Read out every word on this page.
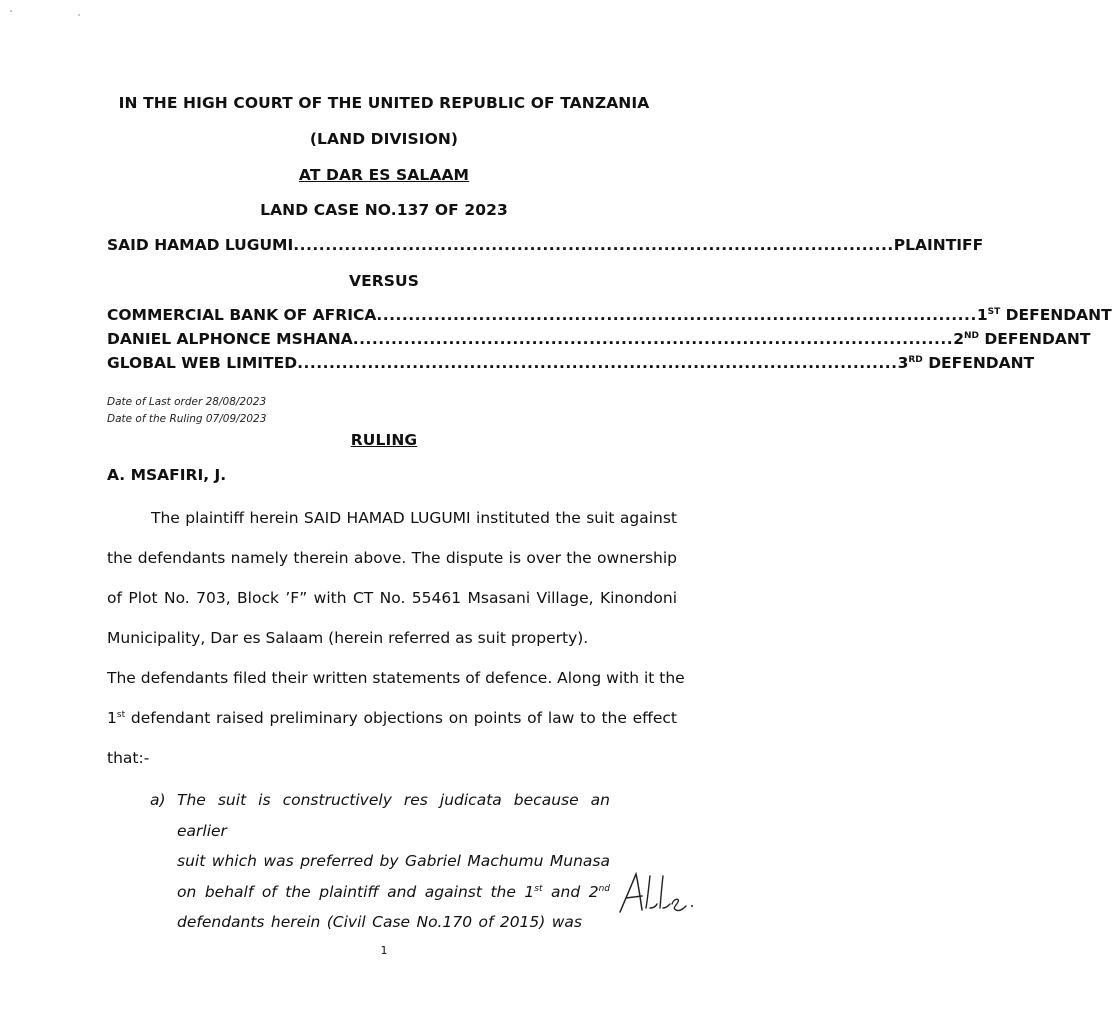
IN THE HIGH COURT OF THE UNITED REPUBLIC OF TANZANIA
(LAND DIVISION)
AT DAR ES SALAAM
LAND CASE NO.137 OF 2023
SAID HAMAD LUGUMI .............................................................................................. PLAINTIFF
VERSUS
COMMERCIAL BANK OF AFRICA .............................................................................................. 1ST DEFENDANT
DANIEL ALPHONCE MSHANA .............................................................................................. 2ND DEFENDANT
GLOBAL WEB LIMITED .............................................................................................. 3RD DEFENDANT
Date of Last order 28/08/2023
Date of the Ruling 07/09/2023
RULING
A. MSAFIRI, J.
The plaintiff herein SAID HAMAD LUGUMI instituted the suit against
the defendants namely therein above. The dispute is over the ownership
of Plot No. 703, Block ’F” with CT No. 55461 Msasani Village, Kinondoni
Municipality, Dar es Salaam (herein referred as suit property).
The defendants filed their written statements of defence. Along with it the
1st defendant raised preliminary objections on points of law to the effect
that:-
a) The suit is constructively res judicata because an earlier
suit which was preferred by Gabriel Machumu Munasa
on behalf of the plaintiff and against the 1st and 2nd
defendants herein (Civil Case No.170 of 2015) was
1
